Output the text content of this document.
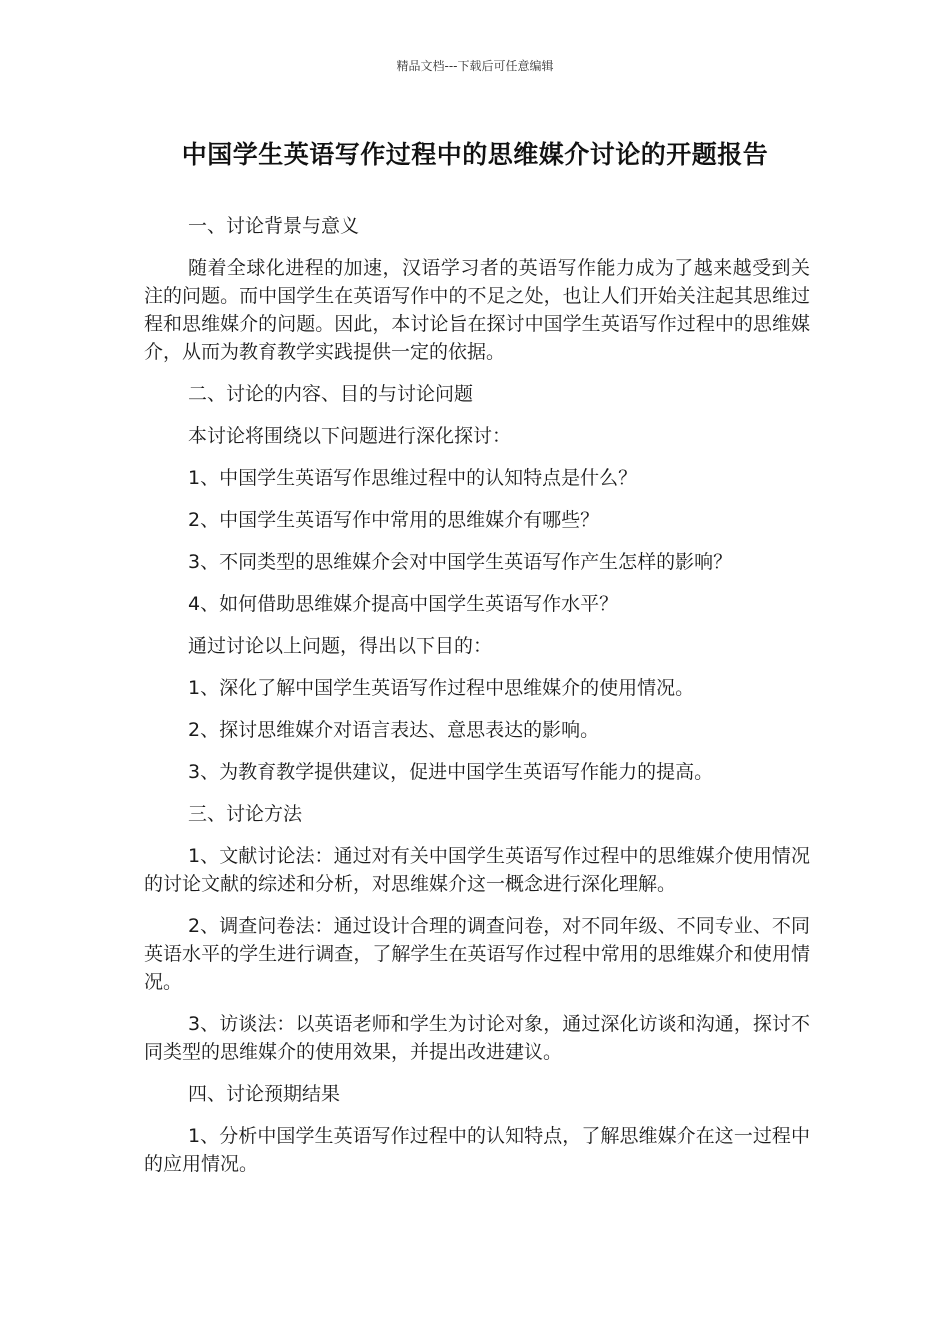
精品文档---下载后可任意编辑
中国学生英语写作过程中的思维媒介讨论的开题报告

一、讨论背景与意义

随着全球化进程的加速，汉语学习者的英语写作能力成为了越来越受到关注的问题。而中国学生在英语写作中的不足之处，也让人们开始关注起其思维过程和思维媒介的问题。因此，本讨论旨在探讨中国学生英语写作过程中的思维媒介，从而为教育教学实践提供一定的依据。

二、讨论的内容、目的与讨论问题

本讨论将围绕以下问题进行深化探讨：

1、中国学生英语写作思维过程中的认知特点是什么？

2、中国学生英语写作中常用的思维媒介有哪些？

3、不同类型的思维媒介会对中国学生英语写作产生怎样的影响？

4、如何借助思维媒介提高中国学生英语写作水平？

通过讨论以上问题，得出以下目的：

1、深化了解中国学生英语写作过程中思维媒介的使用情况。

2、探讨思维媒介对语言表达、意思表达的影响。

3、为教育教学提供建议，促进中国学生英语写作能力的提高。

三、讨论方法

1、文献讨论法：通过对有关中国学生英语写作过程中的思维媒介使用情况的讨论文献的综述和分析，对思维媒介这一概念进行深化理解。

2、调查问卷法：通过设计合理的调查问卷，对不同年级、不同专业、不同英语水平的学生进行调查，了解学生在英语写作过程中常用的思维媒介和使用情况。

3、访谈法：以英语老师和学生为讨论对象，通过深化访谈和沟通，探讨不同类型的思维媒介的使用效果，并提出改进建议。

四、讨论预期结果

1、分析中国学生英语写作过程中的认知特点，了解思维媒介在这一过程中的应用情况。
